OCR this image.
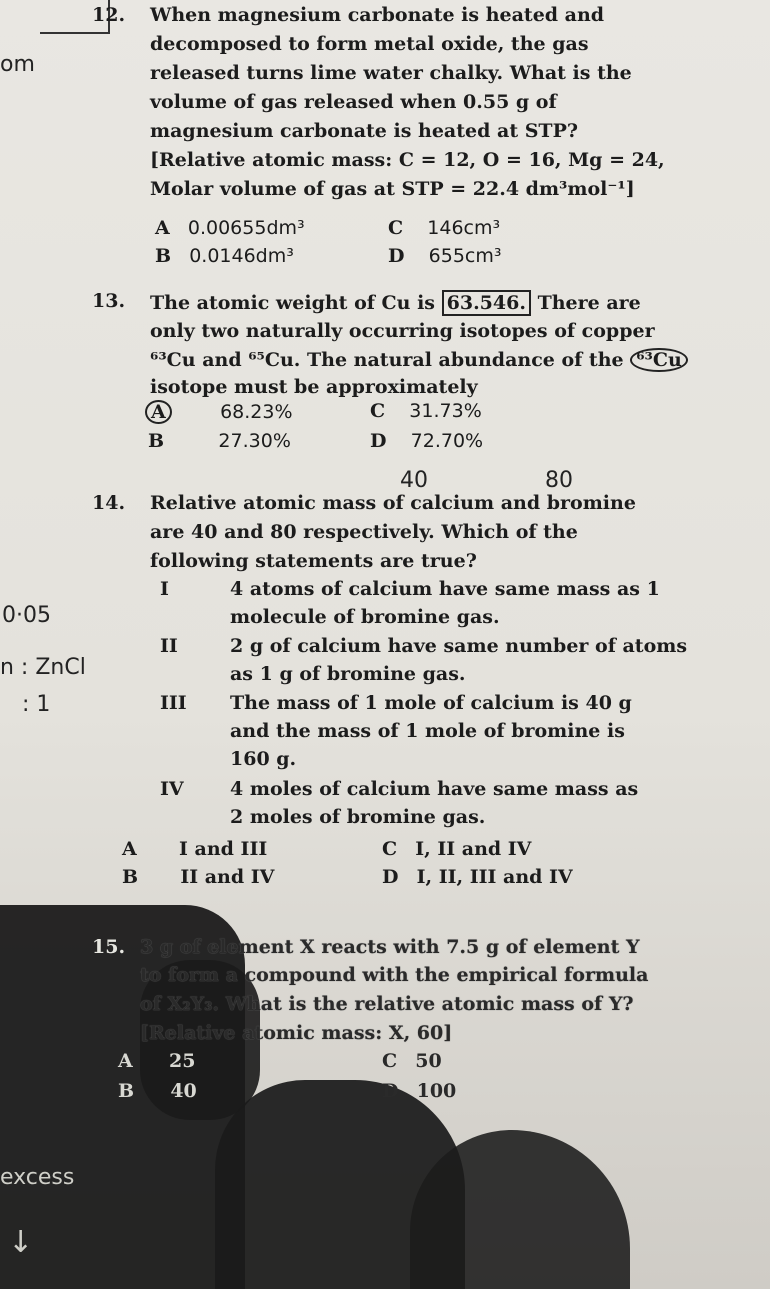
12. When magnesium carbonate is heated and
decomposed to form metal oxide, the gas
released turns lime water chalky. What is the
volume of gas released when 0.55 g of
magnesium carbonate is heated at STP?
[Relative atomic mass: C = 12, O = 16, Mg = 24,
Molar volume of gas at STP = 22.4 dm³mol⁻¹]
A 0.00655dm³
B 0.0146dm³
C 146cm³
D 655cm³
13. The atomic weight of Cu is 63.546. There are
only two naturally occurring isotopes of copper
⁶³Cu and ⁶⁵Cu. The natural abundance of the ⁶³Cu
isotope must be approximately
A	68.23%
B	27.30%
C 31.73%
D 72.70%
40	80
14. Relative atomic mass of calcium and bromine
are 40 and 80 respectively. Which of the
following statements are true?
I	4 atoms of calcium have same mass as 1
molecule of bromine gas.
II	2 g of calcium have same number of atoms
as 1 g of bromine gas.
III The mass of 1 mole of calcium is 40 g
and the mass of 1 mole of bromine is
160 g.
IV 4 moles of calcium have same mass as
2 moles of bromine gas.
A I and III
B II and IV
C I, II and IV
D I, II, III and IV
15. 3 g of element X reacts with 7.5 g of element Y
to form a compound with the empirical formula
of X₂Y₃. What is the relative atomic mass of Y?
[Relative atomic mass: X, 60]
A 25
B 40
C 50
D 100
om
0·05
n : ZnCl
: 1
excess
↓
